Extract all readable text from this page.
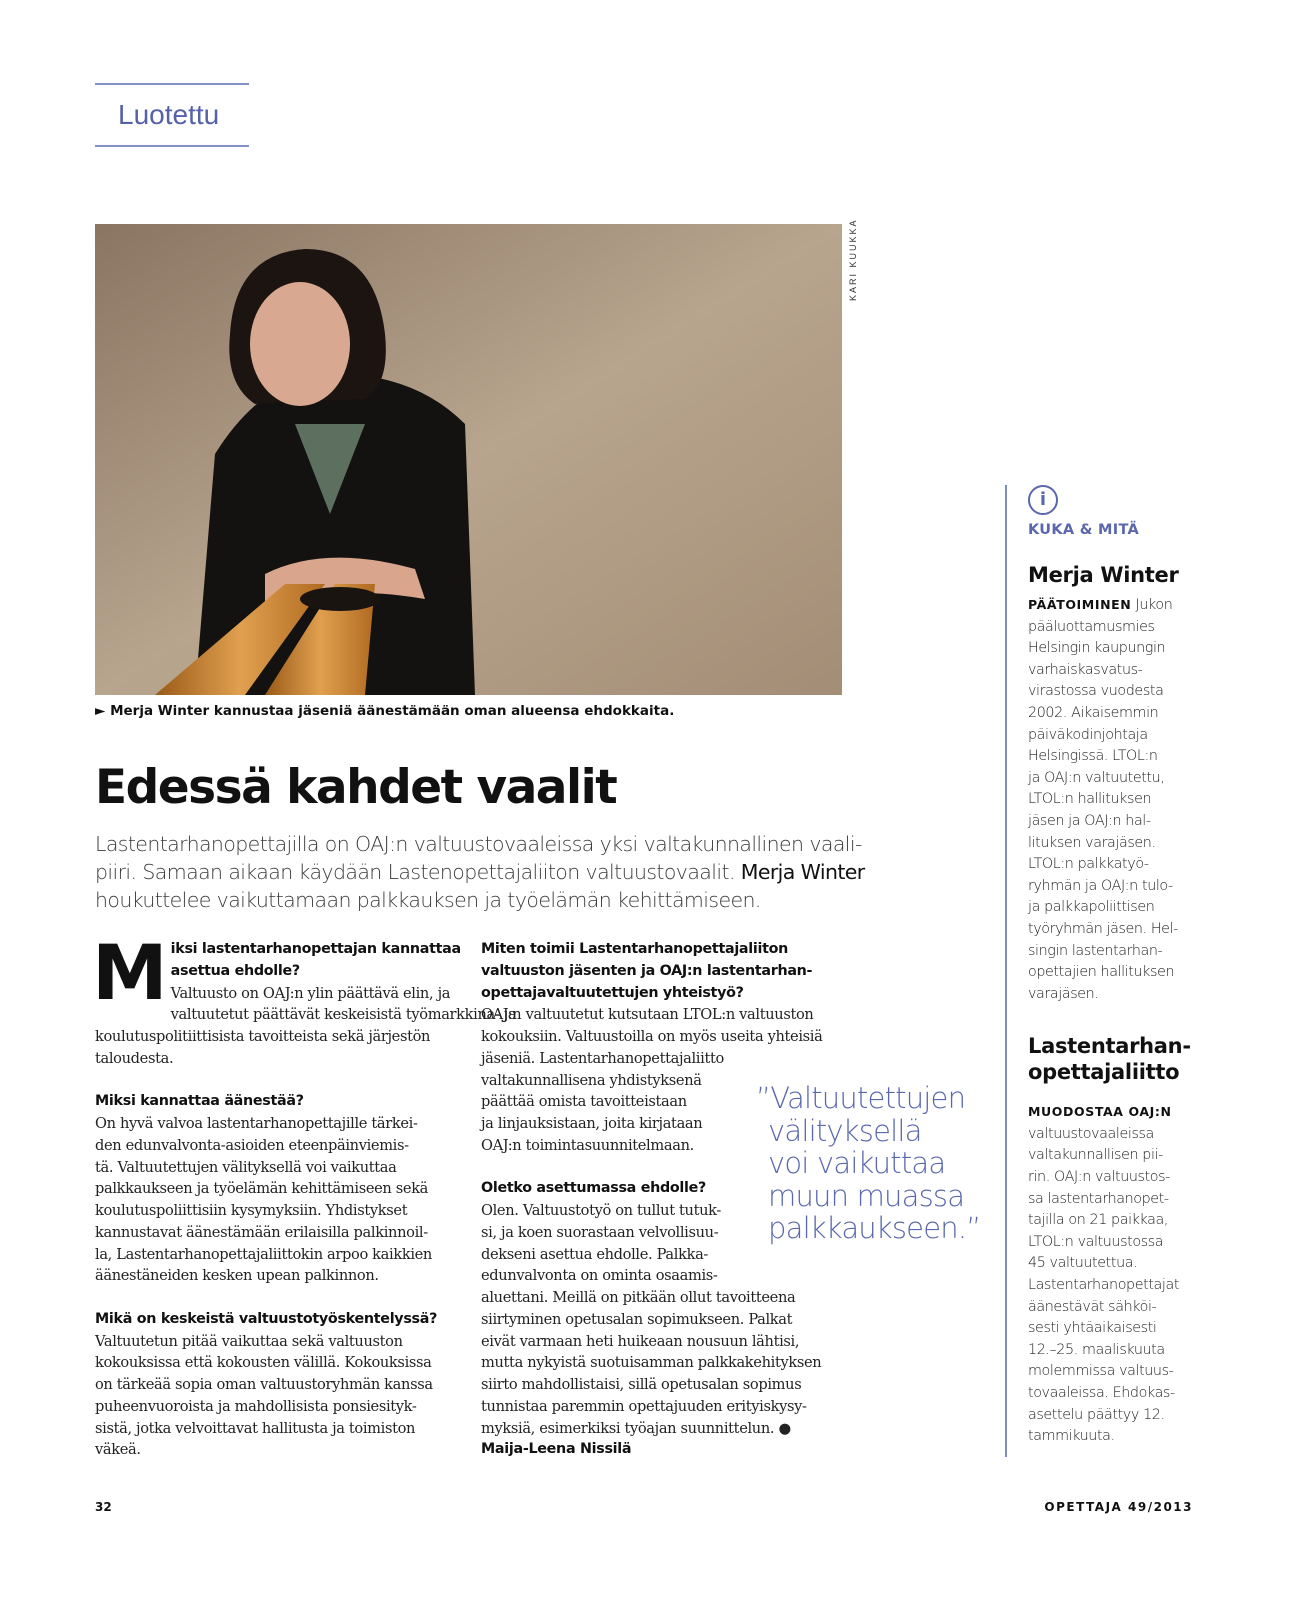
Luotettu
KARI KUUKKA
► Merja Winter kannustaa jäseniä äänestämään oman alueensa ehdokkaita.
Edessä kahdet vaalit
Lastentarhanopettajilla on OAJ:n valtuustovaaleissa yksi valtakunnallinen vaali-
piiri. Samaan aikaan käydään Lastenopettajaliiton valtuustovaalit. Merja Winter
houkuttelee vaikuttamaan palkkauksen ja työelämän kehittämiseen.
M iksi lastentarhanopettajan kannattaa
asettua ehdolle?
Valtuusto on OAJ:n ylin päättävä elin, ja
valtuutetut päättävät keskeisistä työmarkkina- ja
koulutuspolitiittisista tavoitteista sekä järjestön
taloudesta.
Miksi kannattaa äänestää?
On hyvä valvoa lastentarhanopettajille tärkei-
den edunvalvonta-asioiden eteenpäinviemis-
tä. Valtuutettujen välityksellä voi vaikuttaa
palkkaukseen ja työelämän kehittämiseen sekä
koulutuspoliittisiin kysymyksiin. Yhdistykset
kannustavat äänestämään erilaisilla palkinnoil-
la, Lastentarhanopettajaliittokin arpoo kaikkien
äänestäneiden kesken upean palkinnon.
Mikä on keskeistä valtuustotyöskentelyssä?
Valtuutetun pitää vaikuttaa sekä valtuuston
kokouksissa että kokousten välillä. Kokouksissa
on tärkeää sopia oman valtuustoryhmän kanssa
puheenvuoroista ja mahdollisista ponsiesityk-
sistä, jotka velvoittavat hallitusta ja toimiston
väkeä.
Miten toimii Lastentarhanopettajaliiton
valtuuston jäsenten ja OAJ:n lastentarhan-
opettajavaltuutettujen yhteistyö?
OAJ:n valtuutetut kutsutaan LTOL:n valtuuston
kokouksiin. Valtuustoilla on myös useita yhteisiä
jäseniä. Lastentarhanopettajaliitto
valtakunnallisena yhdistyksenä
päättää omista tavoitteistaan
ja linjauksistaan, joita kirjataan
OAJ:n toimintasuunnitelmaan.
Oletko asettumassa ehdolle?
Olen. Valtuustotyö on tullut tutuk-
si, ja koen suorastaan velvollisuu-
dekseni asettua ehdolle. Palkka-
edunvalvonta on ominta osaamis-
aluettani. Meillä on pitkään ollut tavoitteena
siirtyminen opetusalan sopimukseen. Palkat
eivät varmaan heti huikeaan nousuun lähtisi,
mutta nykyistä suotuisamman palkkakehityksen
siirto mahdollistaisi, sillä opetusalan sopimus
tunnistaa paremmin opettajuuden erityiskysy-
myksiä, esimerkiksi työajan suunnittelun. ●
Maija-Leena Nissilä
”Valtuutettujen
välityksellä
voi vaikuttaa
muun muassa
palkkaukseen.”
i
KUKA & MITÄ
Merja Winter
PÄÄTOIMINEN Jukon
pääluottamusmies
Helsingin kaupungin
varhaiskasvatus-
virastossa vuodesta
2002. Aikaisemmin
päiväkodinjohtaja
Helsingissä. LTOL:n
ja OAJ:n valtuutettu,
LTOL:n hallituksen
jäsen ja OAJ:n hal-
lituksen varajäsen.
LTOL:n palkkatyö-
ryhmän ja OAJ:n tulo-
ja palkkapoliittisen
työryhmän jäsen. Hel-
singin lastentarhan-
opettajien hallituksen
varajäsen.
Lastentarhan-
opettajaliitto
MUODOSTAA OAJ:N
valtuustovaaleissa
valtakunnallisen pii-
rin. OAJ:n valtuustos-
sa lastentarhanopet-
tajilla on 21 paikkaa,
LTOL:n valtuustossa
45 valtuutettua.
Lastentarhanopettajat
äänestävät sähköi-
sesti yhtäaikaisesti
12.–25. maaliskuuta
molemmissa valtuus-
tovaaleissa. Ehdokas-
asettelu päättyy 12.
tammikuuta.
32	OPETTAJA 49/2013
